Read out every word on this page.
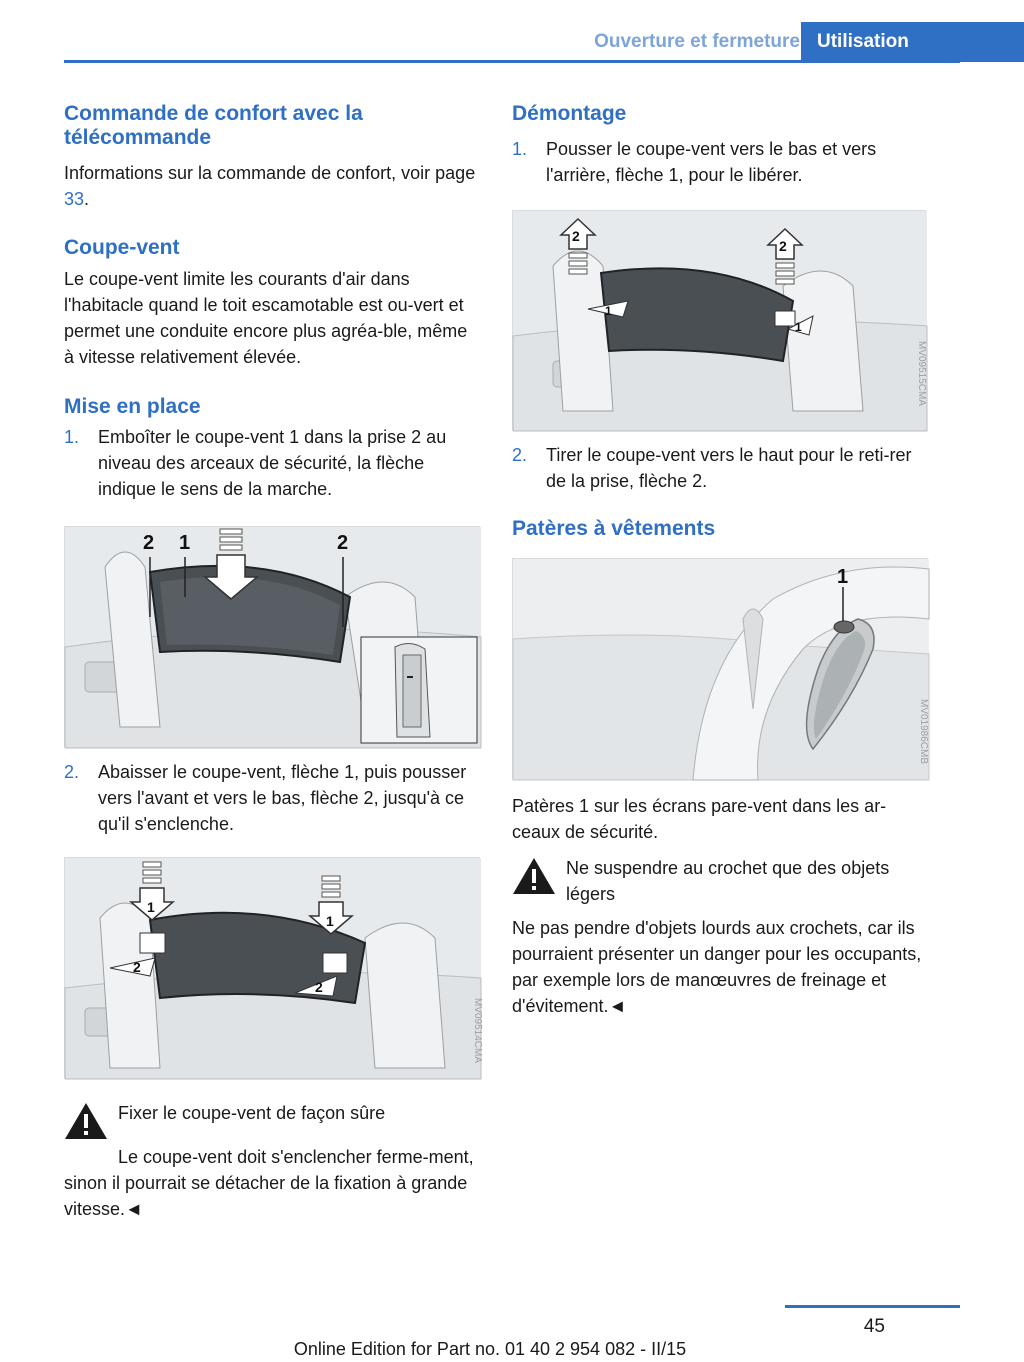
Ouverture et fermeture Utilisation
Commande de confort avec la télécommande

Informations sur la commande de confort, voir page 33.

Coupe-vent

Le coupe-vent limite les courants d'air dans l'habitacle quand le toit escamotable est ou-vert et permet une conduite encore plus agréa-ble, même à vitesse relativement élevée.

Mise en place
1.	Emboîter le coupe-vent 1 dans la prise 2 au niveau des arceaux de sécurité, la flèche indique le sens de la marche.
2 1	2
2.	Abaisser le coupe-vent, flèche 1, puis pousser vers l'avant et vers le bas, flèche 2, jusqu'à ce qu'il s'enclenche.
1
1
2
2
MV09514CMA
Fixer le coupe-vent de façon sûre

Le coupe-vent doit s'enclencher ferme-ment, sinon il pourrait se détacher de la fixation à grande vitesse.◄

Démontage
1.	Pousser le coupe-vent vers le bas et vers l'arrière, flèche 1, pour le libérer.
2
2
1
1
MV09515CMA
2.	Tirer le coupe-vent vers le haut pour le reti-rer de la prise, flèche 2.
Patères à vêtements
1
MV01986CMB

Patères 1 sur les écrans pare-vent dans les ar-ceaux de sécurité.

Ne suspendre au crochet que des objets légers

Ne pas pendre d'objets lourds aux crochets, car ils pourraient présenter un danger pour les occupants, par exemple lors de manœuvres de freinage et d'évitement.◄

45
Online Edition for Part no. 01 40 2 954 082 - II/15
